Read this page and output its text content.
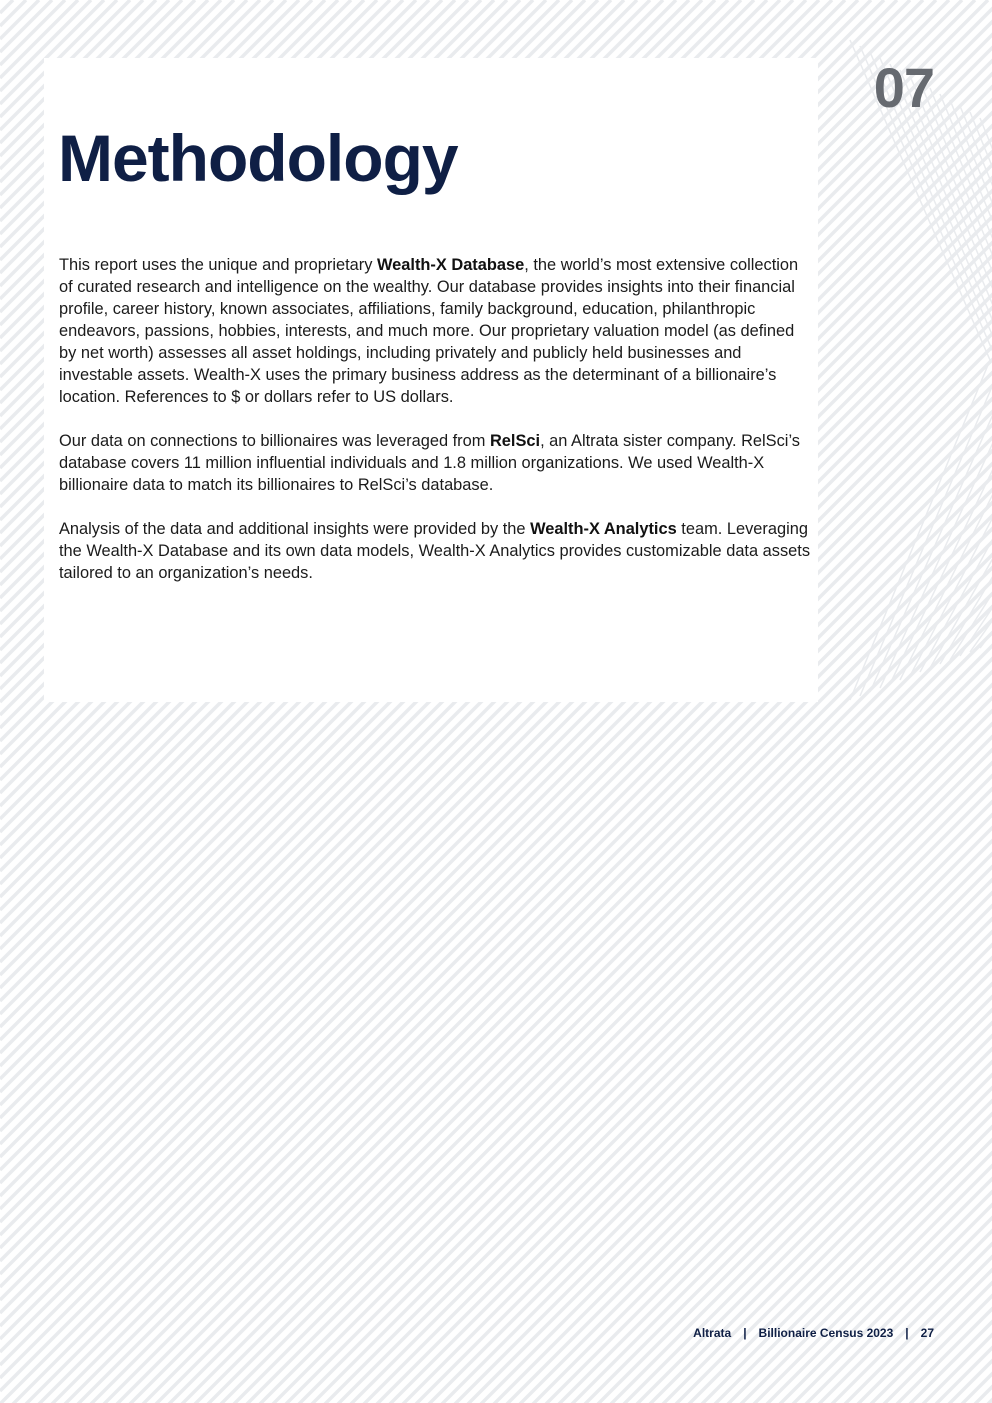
07
Methodology

This report uses the unique and proprietary Wealth-X Database, the world’s most extensive collection of curated research and intelligence on the wealthy. Our database provides insights into their financial profile, career history, known associates, affiliations, family background, education, philanthropic endeavors, passions, hobbies, interests, and much more. Our proprietary valuation model (as defined by net worth) assesses all asset holdings, including privately and publicly held businesses and investable assets. Wealth-X uses the primary business address as the determinant of a billionaire’s location. References to $ or dollars refer to US dollars.

Our data on connections to billionaires was leveraged from RelSci, an Altrata sister company. RelSci’s database covers 11 million influential individuals and 1.8 million organizations. We used Wealth-X billionaire data to match its billionaires to RelSci’s database.

Analysis of the data and additional insights were provided by the Wealth-X Analytics team. Leveraging the Wealth-X Database and its own data models, Wealth-X Analytics provides customizable data assets tailored to an organization’s needs.

Altrata | Billionaire Census 2023 | 27
